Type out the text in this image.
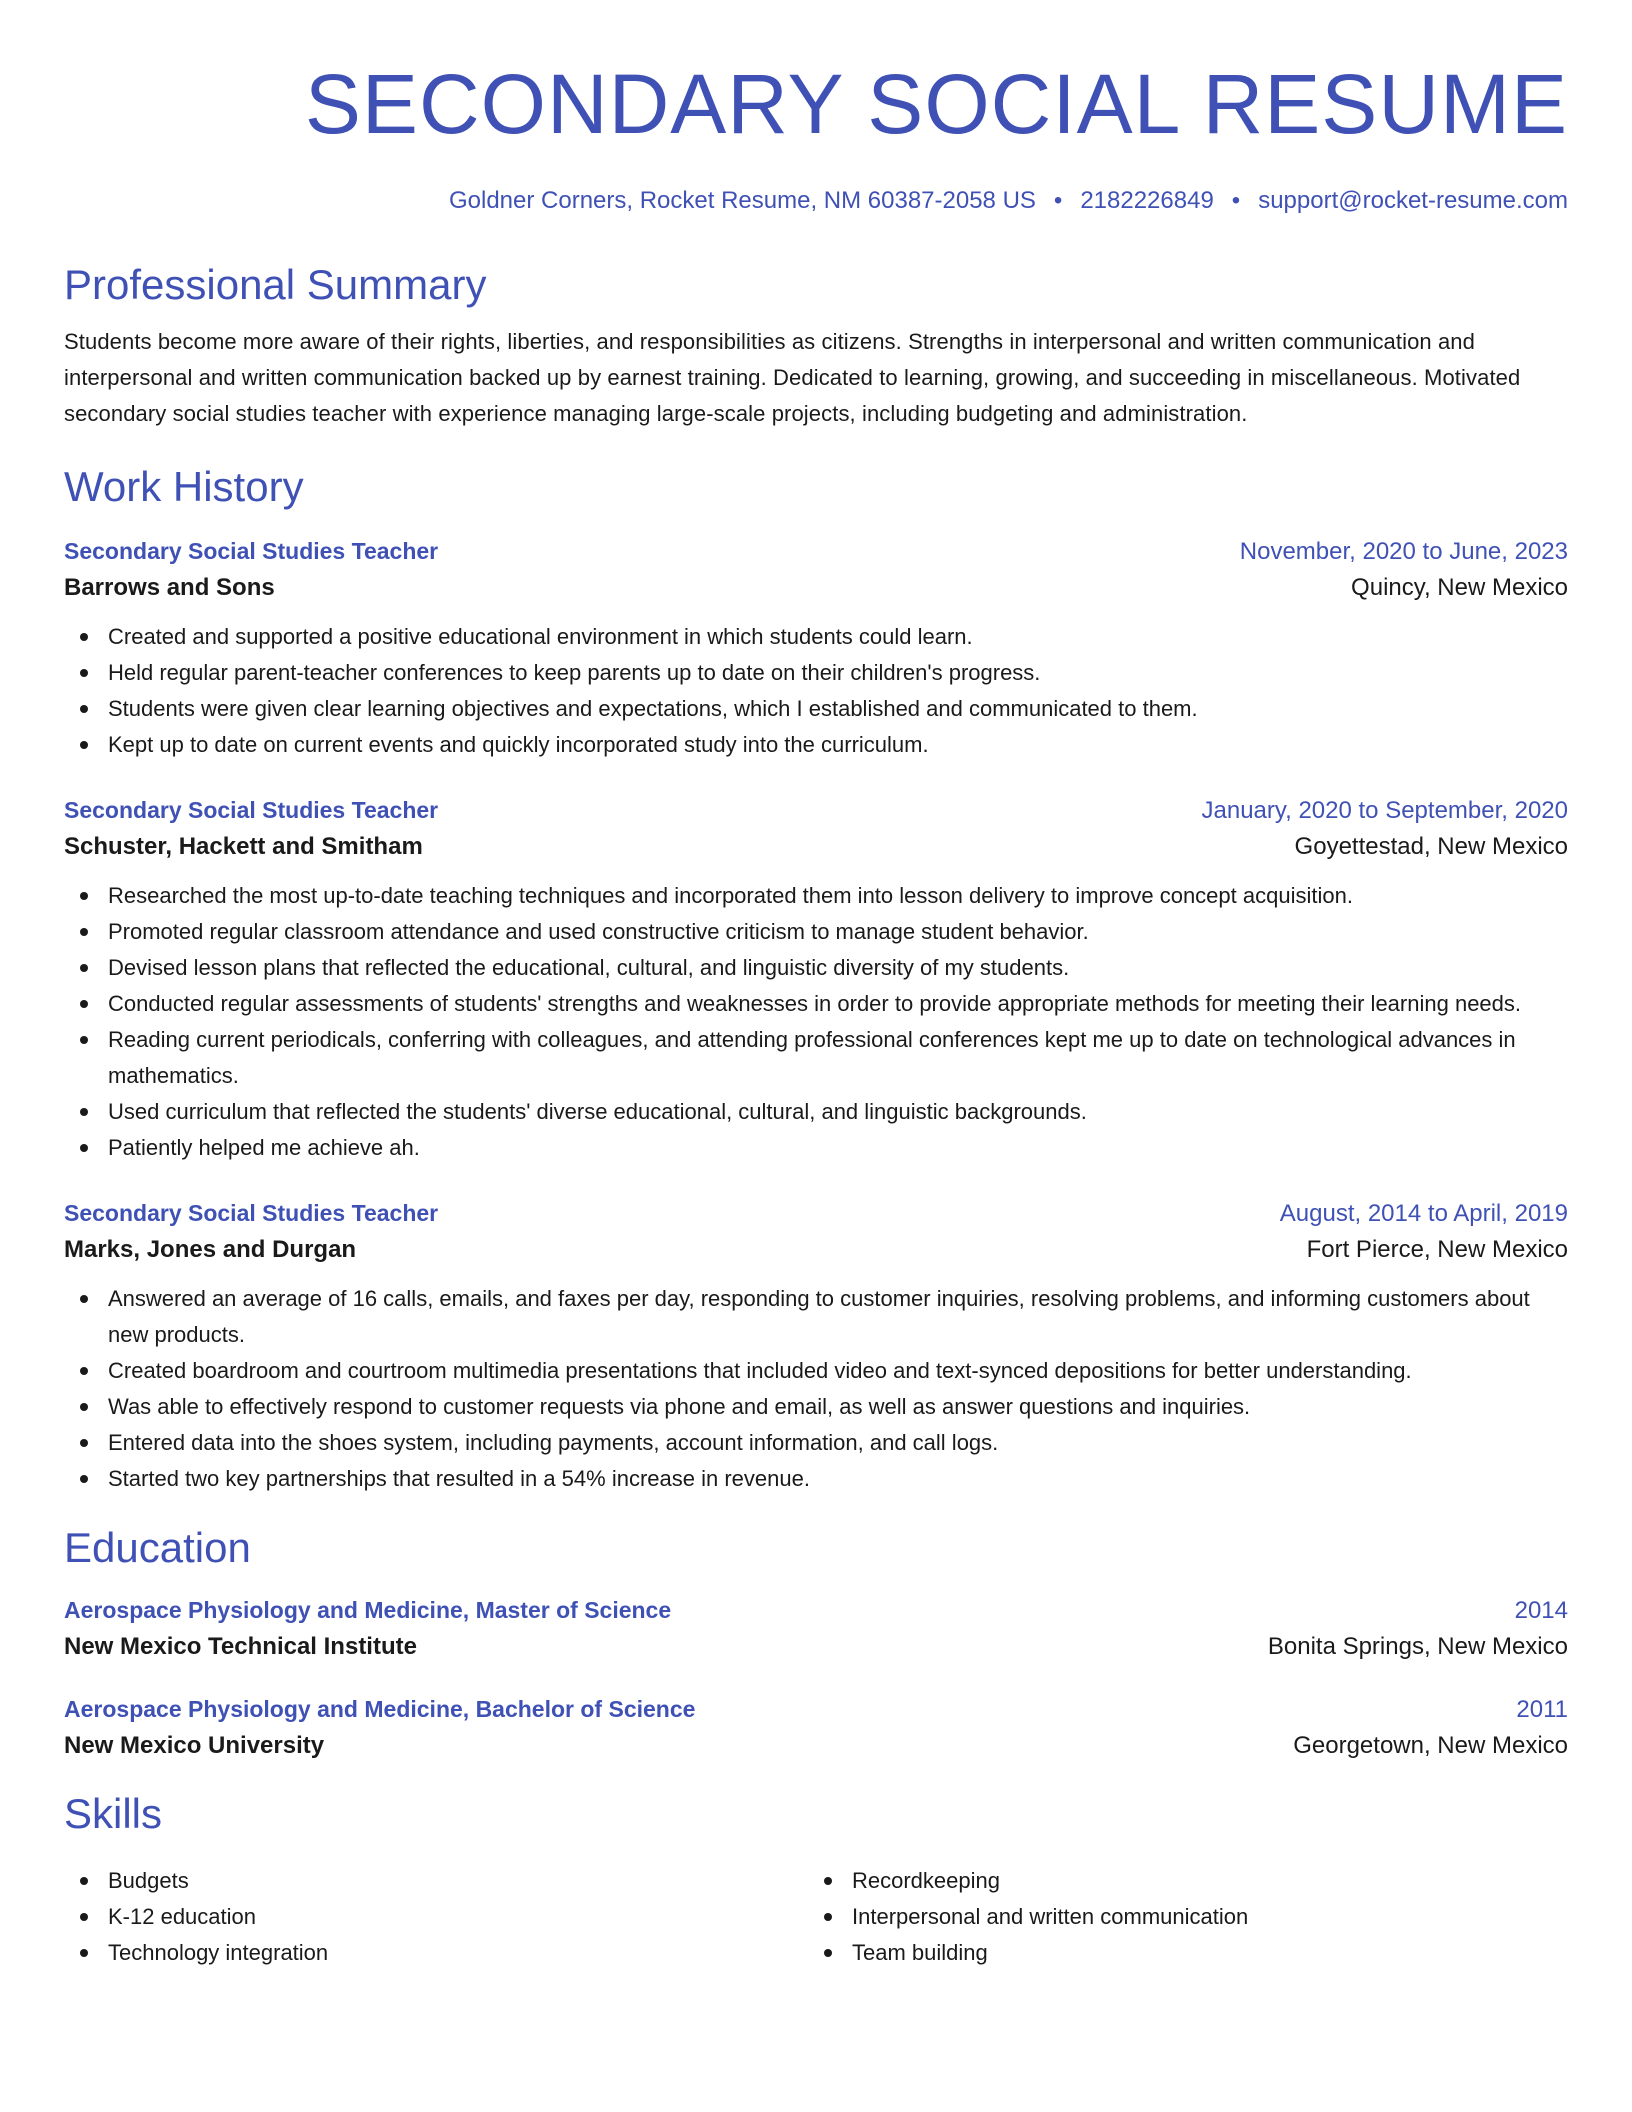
SECONDARY SOCIAL RESUME
Goldner Corners, Rocket Resume, NM 60387-2058 US • 2182226849 • support@rocket-resume.com
Professional Summary

Students become more aware of their rights, liberties, and responsibilities as citizens. Strengths in interpersonal and written communication and interpersonal and written communication backed up by earnest training. Dedicated to learning, growing, and succeeding in miscellaneous. Motivated secondary social studies teacher with experience managing large-scale projects, including budgeting and administration.

Work History
Secondary Social Studies Teacher	November, 2020 to June, 2023
Barrows and Sons	Quincy, New Mexico
Created and supported a positive educational environment in which students could learn.
Held regular parent-teacher conferences to keep parents up to date on their children's progress.
Students were given clear learning objectives and expectations, which I established and communicated to them.
Kept up to date on current events and quickly incorporated study into the curriculum.
Secondary Social Studies Teacher	January, 2020 to September, 2020
Schuster, Hackett and Smitham	Goyettestad, New Mexico
Researched the most up-to-date teaching techniques and incorporated them into lesson delivery to improve concept acquisition.
Promoted regular classroom attendance and used constructive criticism to manage student behavior.
Devised lesson plans that reflected the educational, cultural, and linguistic diversity of my students.
Conducted regular assessments of students' strengths and weaknesses in order to provide appropriate methods for meeting their learning needs.
Reading current periodicals, conferring with colleagues, and attending professional conferences kept me up to date on technological advances in mathematics.
Used curriculum that reflected the students' diverse educational, cultural, and linguistic backgrounds.
Patiently helped me achieve ah.
Secondary Social Studies Teacher	August, 2014 to April, 2019
Marks, Jones and Durgan	Fort Pierce, New Mexico
Answered an average of 16 calls, emails, and faxes per day, responding to customer inquiries, resolving problems, and informing customers about new products.
Created boardroom and courtroom multimedia presentations that included video and text-synced depositions for better understanding.
Was able to effectively respond to customer requests via phone and email, as well as answer questions and inquiries.
Entered data into the shoes system, including payments, account information, and call logs.
Started two key partnerships that resulted in a 54% increase in revenue.
Education
Aerospace Physiology and Medicine, Master of Science	2014
New Mexico Technical Institute	Bonita Springs, New Mexico
Aerospace Physiology and Medicine, Bachelor of Science	2011
New Mexico University	Georgetown, New Mexico
Skills
Budgets
K-12 education
Technology integration
Recordkeeping
Interpersonal and written communication
Team building
